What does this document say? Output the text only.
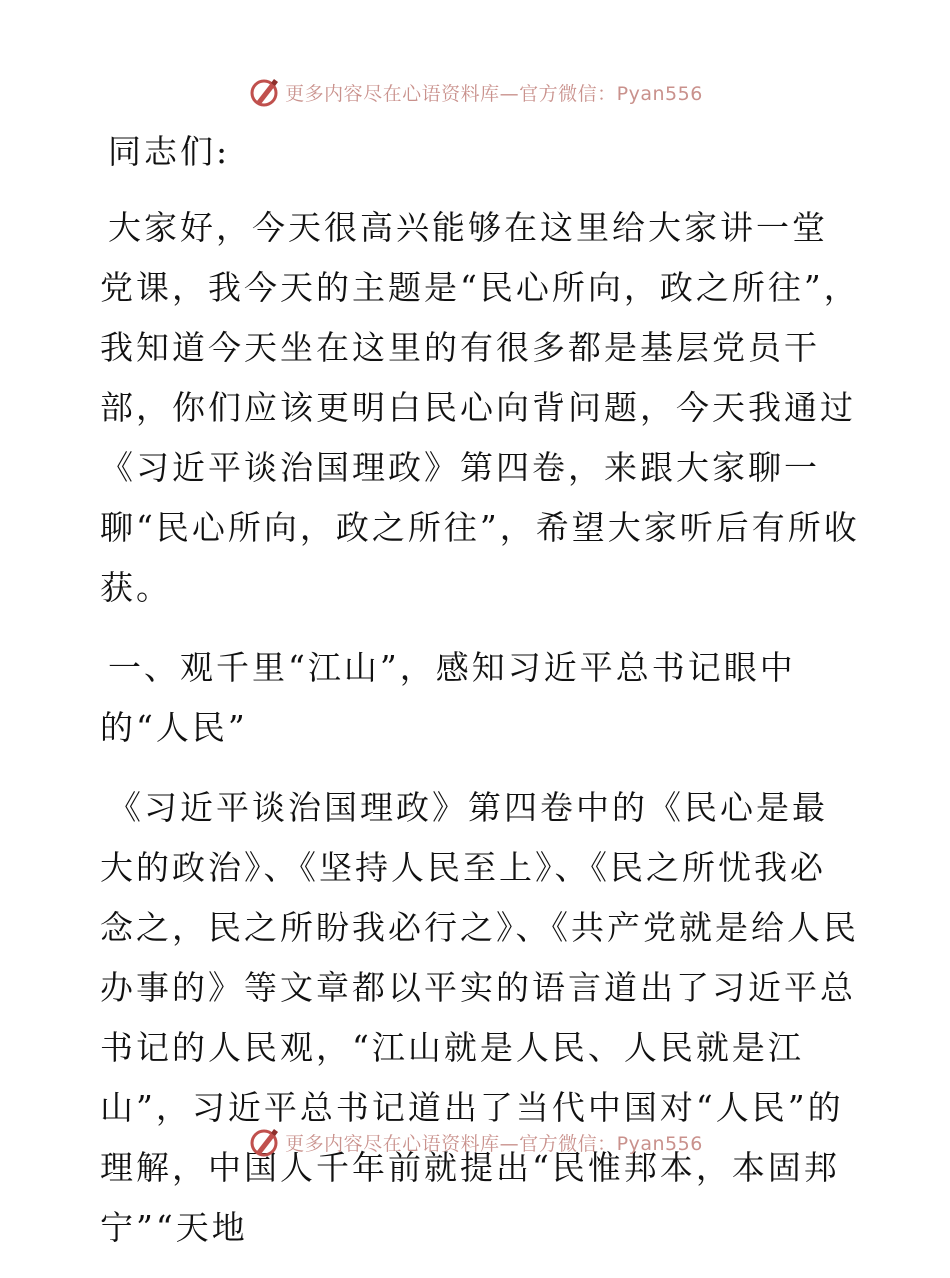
更多内容尽在心语资料库—官方微信：Pyan556

同志们:

大家好，今天很高兴能够在这里给大家讲一堂党课，我今天的主题是“民心所向，政之所往”，我知道今天坐在这里的有很多都是基层党员干部，你们应该更明白民心向背问题，今天我通过《习近平谈治国理政》第四卷，来跟大家聊一聊“民心所向，政之所往”，希望大家听后有所收获。

一、观千里“江山”，感知习近平总书记眼中的“人民”

《习近平谈治国理政》第四卷中的《民心是最大的政治》、《坚持人民至上》、《民之所忧我必念之，民之所盼我必行之》、《共产党就是给人民办事的》等文章都以平实的语言道出了习近平总书记的人民观，“江山就是人民、人民就是江山”，习近平总书记道出了当代中国对“人民”的理解，中国人千年前就提出“民惟邦本，本固邦宁”“天地

更多内容尽在心语资料库—官方微信：Pyan556
